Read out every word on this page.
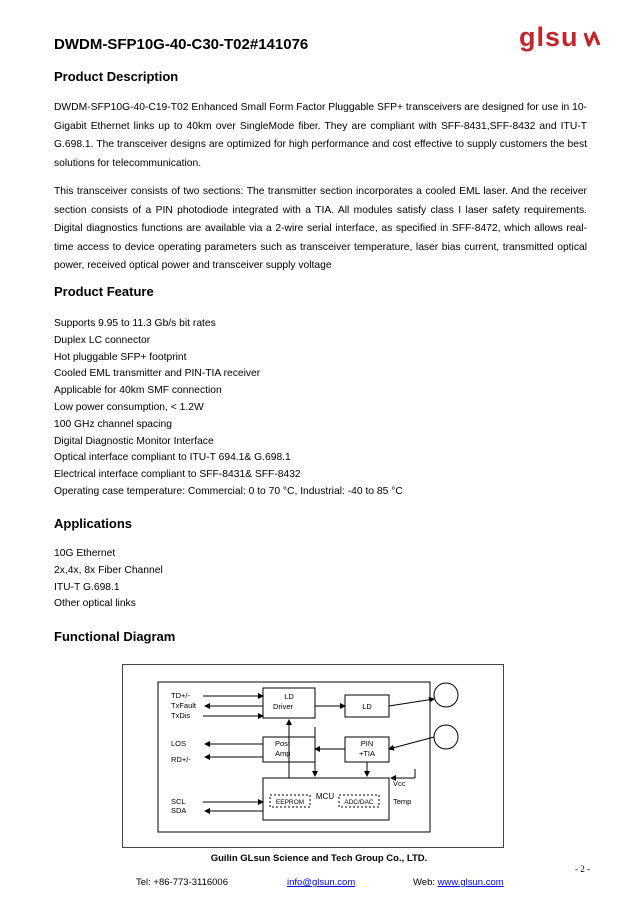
DWDM-SFP10G-40-C30-T02#141076	glsu
Product Description
DWDM-SFP10G-40-C19-T02 Enhanced Small Form Factor Pluggable SFP+ transceivers are designed for use in 10-Gigabit Ethernet links up to 40km over SingleMode fiber. They are compliant with SFF-8431,SFF-8432 and ITU-T G.698.1. The transceiver designs are optimized for high performance and cost effective to supply customers the best solutions for telecommunication.
This transceiver consists of two sections: The transmitter section incorporates a cooled EML laser. And the receiver section consists of a PIN photodiode integrated with a TIA. All modules satisfy class I laser safety requirements. Digital diagnostics functions are available via a 2-wire serial interface, as specified in SFF-8472, which allows real-time access to device operating parameters such as transceiver temperature, laser bias current, transmitted optical power, received optical power and transceiver supply voltage
Product Feature
Supports 9.95 to 11.3 Gb/s bit rates
Duplex LC connector
Hot pluggable SFP+ footprint
Cooled EML transmitter and PIN-TIA receiver
Applicable for 40km SMF connection
Low power consumption, < 1.2W
100 GHz channel spacing
Digital Diagnostic Monitor Interface
Optical interface compliant to ITU-T 694.1& G.698.1
Electrical interface compliant to SFF-8431& SFF-8432
Operating case temperature: Commercial: 0 to 70 °C, Industrial: -40 to 85 °C
Applications
10G Ethernet
2x,4x, 8x Fiber Channel
ITU-T G.698.1
Other optical links
Functional Diagram
TD+/-
TxFault
TxDis
LOS
RD+/-
SCL
SDA
LD
Driver	LD
Post
Amp
PIN
+TIA
MCU
EEPROM	ADC/DAC
Vcc
Temp
Guilin GLsun Science and Tech Group Co., LTD.
- 2 -
Tel: +86-773-3116006	info@glsun.com	Web: www.glsun.com
